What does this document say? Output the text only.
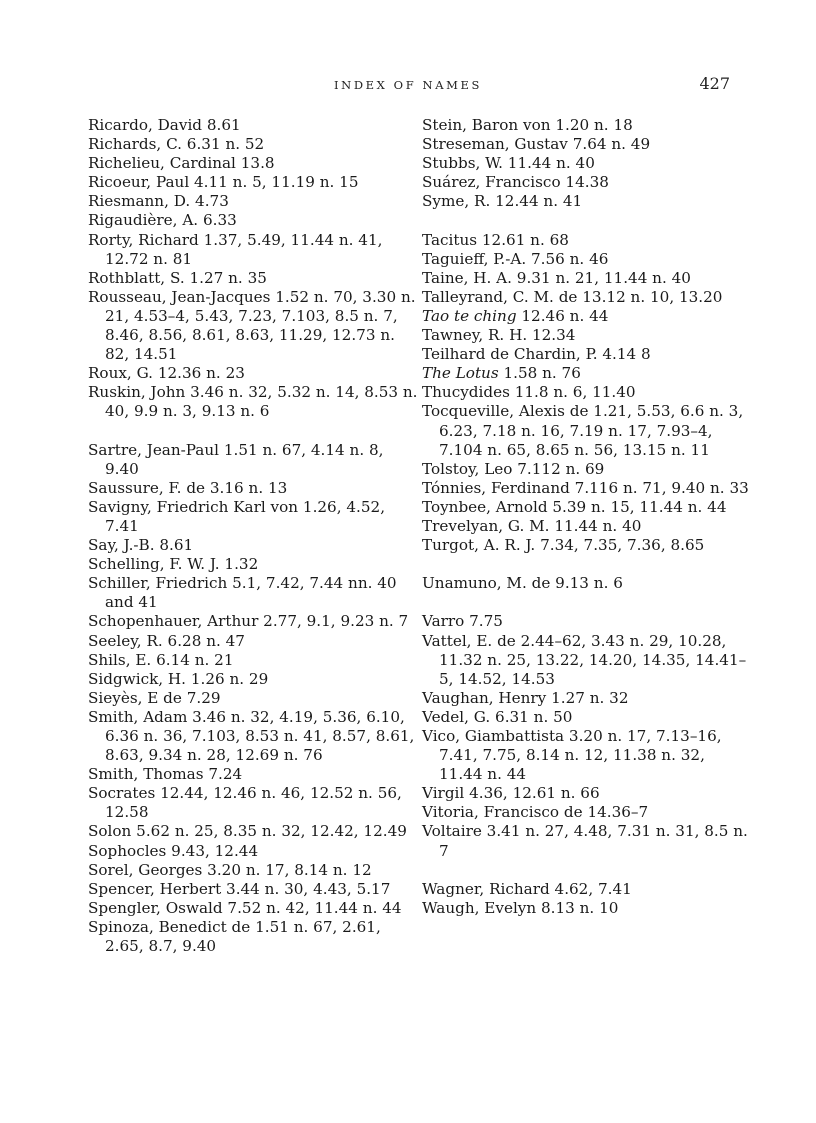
INDEX OF NAMES	427
Ricardo, David 8.61
Richards, C. 6.31 n. 52
Richelieu, Cardinal 13.8
Ricoeur, Paul 4.11 n. 5, 11.19 n. 15
Riesmann, D. 4.73
Rigaudière, A. 6.33
Rorty, Richard 1.37, 5.49, 11.44 n. 41, 12.72 n. 81
Rothblatt, S. 1.27 n. 35
Rousseau, Jean-Jacques 1.52 n. 70, 3.30 n. 21, 4.53–4, 5.43, 7.23, 7.103, 8.5 n. 7, 8.46, 8.56, 8.61, 8.63, 11.29, 12.73 n. 82, 14.51
Roux, G. 12.36 n. 23
Ruskin, John 3.46 n. 32, 5.32 n. 14, 8.53 n. 40, 9.9 n. 3, 9.13 n. 6
Sartre, Jean-Paul 1.51 n. 67, 4.14 n. 8, 9.40
Saussure, F. de 3.16 n. 13
Savigny, Friedrich Karl von 1.26, 4.52, 7.41
Say, J.-B. 8.61
Schelling, F. W. J. 1.32
Schiller, Friedrich 5.1, 7.42, 7.44 nn. 40 and 41
Schopenhauer, Arthur 2.77, 9.1, 9.23 n. 7
Seeley, R. 6.28 n. 47
Shils, E. 6.14 n. 21
Sidgwick, H. 1.26 n. 29
Sieyès, E de 7.29
Smith, Adam 3.46 n. 32, 4.19, 5.36, 6.10, 6.36 n. 36, 7.103, 8.53 n. 41, 8.57, 8.61, 8.63, 9.34 n. 28, 12.69 n. 76
Smith, Thomas 7.24
Socrates 12.44, 12.46 n. 46, 12.52 n. 56, 12.58
Solon 5.62 n. 25, 8.35 n. 32, 12.42, 12.49
Sophocles 9.43, 12.44
Sorel, Georges 3.20 n. 17, 8.14 n. 12
Spencer, Herbert 3.44 n. 30, 4.43, 5.17
Spengler, Oswald 7.52 n. 42, 11.44 n. 44
Spinoza, Benedict de 1.51 n. 67, 2.61, 2.65, 8.7, 9.40
Stein, Baron von 1.20 n. 18
Streseman, Gustav 7.64 n. 49
Stubbs, W. 11.44 n. 40
Suárez, Francisco 14.38
Syme, R. 12.44 n. 41
Tacitus 12.61 n. 68
Taguieff, P.-A. 7.56 n. 46
Taine, H. A. 9.31 n. 21, 11.44 n. 40
Talleyrand, C. M. de 13.12 n. 10, 13.20
Tao te ching 12.46 n. 44
Tawney, R. H. 12.34
Teilhard de Chardin, P. 4.14 8
The Lotus 1.58 n. 76
Thucydides 11.8 n. 6, 11.40
Tocqueville, Alexis de 1.21, 5.53, 6.6 n. 3, 6.23, 7.18 n. 16, 7.19 n. 17, 7.93–4, 7.104 n. 65, 8.65 n. 56, 13.15 n. 11
Tolstoy, Leo 7.112 n. 69
Tónnies, Ferdinand 7.116 n. 71, 9.40 n. 33
Toynbee, Arnold 5.39 n. 15, 11.44 n. 44
Trevelyan, G. M. 11.44 n. 40
Turgot, A. R. J. 7.34, 7.35, 7.36, 8.65
Unamuno, M. de 9.13 n. 6
Varro 7.75
Vattel, E. de 2.44–62, 3.43 n. 29, 10.28, 11.32 n. 25, 13.22, 14.20, 14.35, 14.41–5, 14.52, 14.53
Vaughan, Henry 1.27 n. 32
Vedel, G. 6.31 n. 50
Vico, Giambattista 3.20 n. 17, 7.13–16, 7.41, 7.75, 8.14 n. 12, 11.38 n. 32, 11.44 n. 44
Virgil 4.36, 12.61 n. 66
Vitoria, Francisco de 14.36–7
Voltaire 3.41 n. 27, 4.48, 7.31 n. 31, 8.5 n. 7
Wagner, Richard 4.62, 7.41
Waugh, Evelyn 8.13 n. 10
